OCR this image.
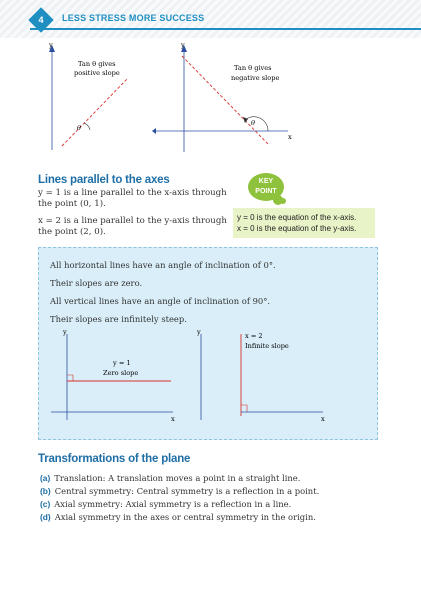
4	LESS STRESS MORE SUCCESS
y
Tan θ gives
positive slope
θ
y
x
Tan θ gives
negative slope
θ
Lines parallel to the axes
y = 1 is a line parallel to the x-axis through
the point (0, 1).
x = 2 is a line parallel to the y-axis through
the point (2, 0).
KEY
POINT
y = 0 is the equation of the x-axis.
x = 0 is the equation of the y-axis.
All horizontal lines have an angle of inclination of 0°.
Their slopes are zero.
All vertical lines have an angle of inclination of 90°.
Their slopes are infinitely steep.
y
x
y = 1
Zero slope
y
x
x = 2
Infinite slope
Transformations of the plane
(a) Translation: A translation moves a point in a straight line.
(b) Central symmetry: Central symmetry is a reflection in a point.
(c) Axial symmetry: Axial symmetry is a reflection in a line.
(d) Axial symmetry in the axes or central symmetry in the origin.
